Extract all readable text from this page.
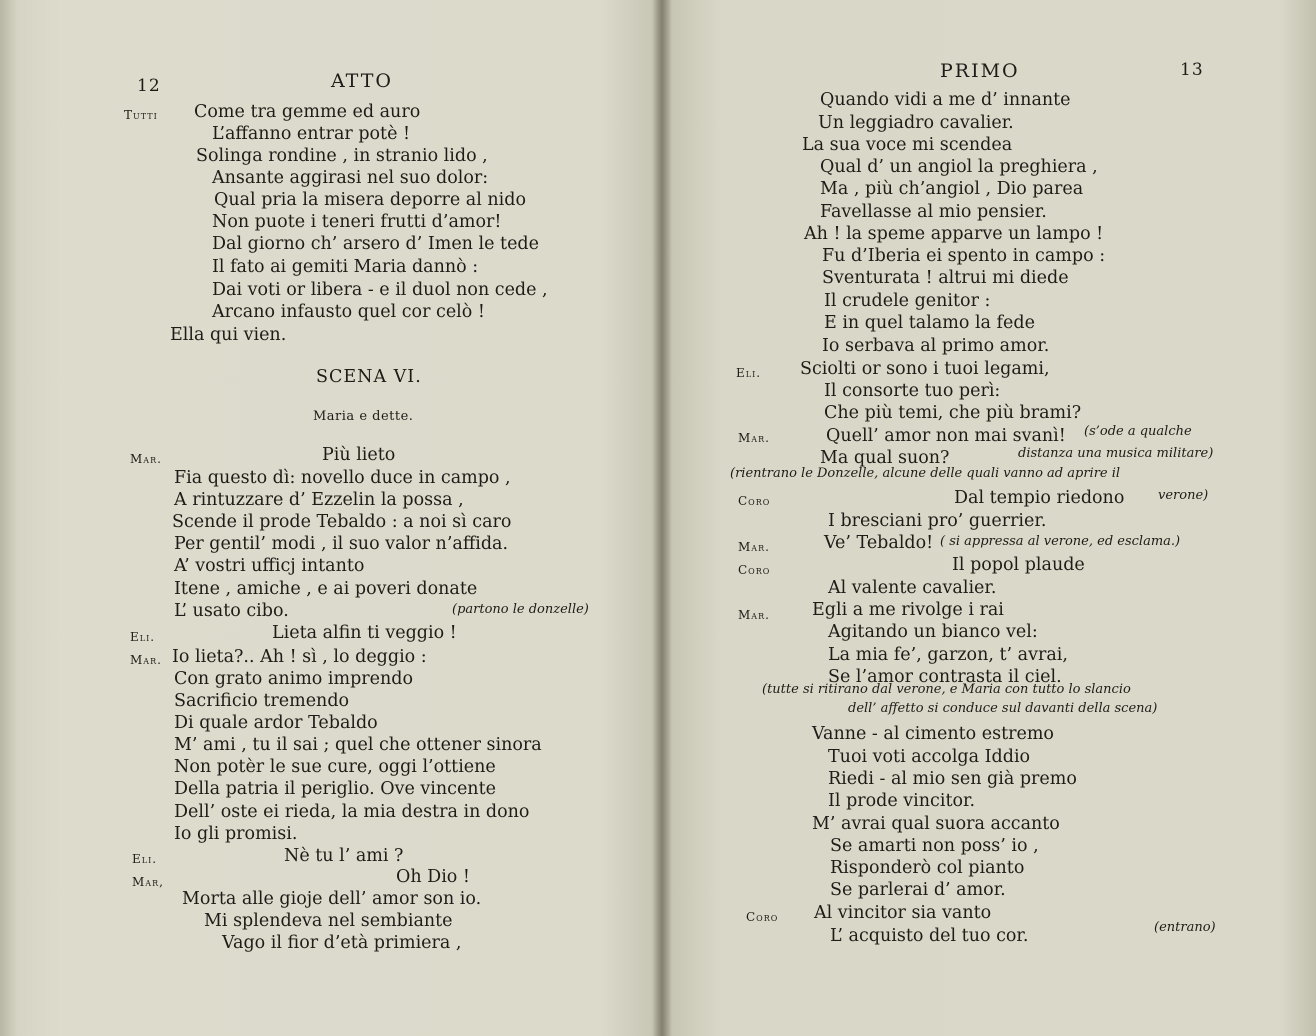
12	ATTO
Tutti Come tra gemme ed auro
L’affanno entrar potè !
Solinga rondine , in stranio lido ,
Ansante aggirasi nel suo dolor:
Qual pria la misera deporre al nido
Non puote i teneri frutti d’amor!
Dal giorno ch’ arsero d’ Imen le tede
Il fato ai gemiti Maria dannò :
Dai voti or libera - e il duol non cede ,
Arcano infausto quel cor celò !
Ella qui vien.
SCENA VI.
Maria e dette.
Mar.	Più lieto
Fia questo dì: novello duce in campo ,
A rintuzzare d’ Ezzelin la possa ,
Scende il prode Tebaldo : a noi sì caro
Per gentil’ modi , il suo valor n’affida.
A’ vostri ufficj intanto
Itene , amiche , e ai poveri donate
L’ usato cibo.	(partono le donzelle)
Eli.	Lieta alfin ti veggio !
Mar. Io lieta?.. Ah ! sì , lo deggio :
Con grato animo imprendo
Sacrificio tremendo
Di quale ardor Tebaldo
M’ ami , tu il sai ; quel che ottener sinora
Non potèr le sue cure, oggi l’ottiene
Della patria il periglio. Ove vincente
Dell’ oste ei rieda, la mia destra in dono
Io gli promisi.
Eli.	Nè tu l’ ami ?
Mar,	Oh Dio !
Morta alle gioje dell’ amor son io.
Mi splendeva nel sembiante
Vago il fior d’età primiera ,
PRIMO	13
Quando vidi a me d’ innante
Un leggiadro cavalier.
La sua voce mi scendea
Qual d’ un angiol la preghiera ,
Ma , più ch’angiol , Dio parea
Favellasse al mio pensier.
Ah ! la speme apparve un lampo !
Fu d’Iberia ei spento in campo :
Sventurata ! altrui mi diede
Il crudele genitor :
E in quel talamo la fede
Io serbava al primo amor.
Eli. Sciolti or sono i tuoi legami,
Il consorte tuo perì:
Che più temi, che più brami?
Mar.	Quell’ amor non mai svanì! (s’ode a qualche
Ma qual suon?	distanza una musica militare)
(rientrano le Donzelle, alcune delle quali vanno ad aprire il
Coro	Dal tempio riedono	verone)
I bresciani pro’ guerrier.
Mar.	Ve’ Tebaldo! ( si appressa al verone, ed esclama.)
Coro	Il popol plaude
Al valente cavalier.
Mar. Egli a me rivolge i rai
Agitando un bianco vel:
La mia fe’, garzon, t’ avrai,
Se l’amor contrasta il ciel.
(tutte si ritirano dal verone, e Maria con tutto lo slancio
dell’ affetto si conduce sul davanti della scena)
Vanne - al cimento estremo
Tuoi voti accolga Iddio
Riedi - al mio sen già premo
Il prode vincitor.
M’ avrai qual suora accanto
Se amarti non poss’ io ,
Risponderò col pianto
Se parlerai d’ amor.
Coro Al vincitor sia vanto
L’ acquisto del tuo cor.	(entrano)
